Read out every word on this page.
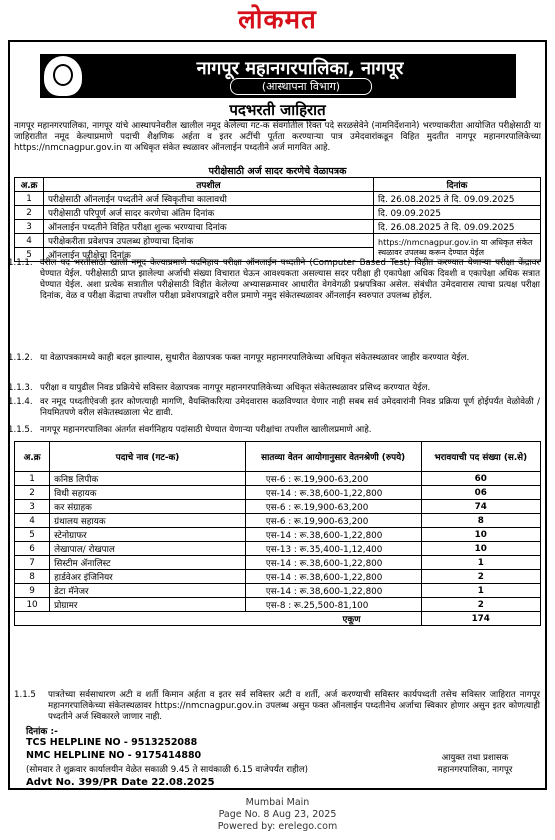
लोकमत
नागपूर महानगरपालिका, नागपूर
(आस्थापना विभाग)
पदभरती जाहिरात
नागपूर महानगरपालिका, नागपूर यांचे आस्थापनेवरील खालील नमूद केलेल्या गट-क संवर्गातील रिक्त पदे सरळसेवेने (नामनिर्देशनाने) भरण्याकरीता आयोजित परीक्षेसाठी या जाहिरातीत नमूद केल्याप्रमाणे पदाची शैक्षणिक अर्हता व इतर अटींची पूर्तता करण्याऱ्या पात्र उमेदवारांकडून विहित मुदतीत नागपूर महानगरपालिकेच्या https://nmcnagpur.gov.in या अधिकृत संकेत स्थळावर ऑनलाईन पध्दतीने अर्ज मागवित आहे.
परीक्षेसाठी अर्ज सादर करणेचे वेळापत्रक
अ.क्र	तपशील	दिनांक
1	परीक्षेसाठी ऑनलाईन पध्दतीने अर्ज स्विकृतीचा कालावधी	दि. 26.08.2025 ते दि. 09.09.2025
2	परीक्षेसाठी परिपूर्ण अर्ज सादर करणेचा अंतिम दिनांक	दि. 09.09.2025
3	ऑनलाईन पध्दतीने विहित परीक्षा शुल्क भरण्याचा दिनांक	दि. 26.08.2025 ते दि. 09.09.2025
4	परीक्षेकरीता प्रवेशपत्र उपलब्ध होण्याचा दिनांक	https://nmcnagpur.gov.in या अधिकृत संकेत स्थळावर उपलब्ध करून देण्यात येईल
5	ऑनलाईन परीक्षेचा दिनांक	
1.1.1. वरील पद भरतीसाठी खाली नमूद केल्याप्रमाणे पदनिहाय परीक्षा ऑनलाईन पध्दतीने (Computer Based Test) विहीत करण्यात येणाऱ्या परीक्षा केंद्रावर घेण्यात येईल. परीक्षेसाठी प्राप्त झालेल्या अर्जाची संख्या विचारात घेऊन आवश्यकता असल्यास सदर परीक्षा ही एकापेक्षा अधिक दिवशी व एकापेक्षा अधिक सत्रात घेण्यात येईल. अशा प्रत्येक सत्रातील परीक्षेसाठी विहीत केलेल्या अभ्यासक्रमावर आधारीत वेगवेगळी प्रश्नपत्रिका असेल. संबंधीत उमेदवारास त्याचा प्रत्यक्ष परीक्षा दिनांक, वेळ व परीक्षा केंद्राचा तपशील परीक्षा प्रवेशपत्राद्वारे वरील प्रमाणे नमुद संकेतस्थळावर ऑनलाईन स्वरुपात उपलब्ध होईल.
1.1.2. या वेळापत्रकामध्ये काही बदल झाल्यास, सुधारीत वेळापत्रक फक्त नागपूर महानगरपालिकेच्या अधिकृत संकेतस्थळावर जाहीर करण्यात येईल.
1.1.3. परीक्षा व यापुढील निवड प्रक्रियेचे सविस्तर वेळापत्रक नागपूर महानगरपालिकेच्या अधिकृत संकेतस्थळावर प्रसिध्द करण्यात येईल.
1.1.4. वर नमूद पध्दतीऐवजी इतर कोणत्याही मागणि, वैयक्तिकरित्या उमेदवारास कळविण्यात येणार नाही सबब सर्व उमेदवारांनी निवड प्रक्रिया पूर्ण होईपर्यंत वेळोवेळी / नियमितपणे वरील संकेतस्थळाला भेट द्यावी.
1.1.5. नागपूर महानगरपालिका अंतर्गत संवर्गनिहाय पदांसाठी घेण्यात येणाऱ्या परीक्षांचा तपशील खालीलप्रमाणे आहे.
अ.क्र	पदाचे नाव (गट-क)	सातव्या वेतन आयोगानुसार वेतनश्रेणी (रुपये)	भरावयाची पद संख्या (स.से)
1	कनिष्ठ लिपीक	एस-6 : रू.19,900-63,200	60
2	विधी सहायक	एस-14 : रू.38,600-1,22,800	06
3	कर संग्राहक	एस-6 : रू.19,900-63,200	74
4	ग्रंथालय सहायक	एस-6 : रू.19,900-63,200	8
5	स्टेनोग्राफर	एस-14 : रू.38,600-1,22,800	10
6	लेखापाल/ रोखपाल	एस-13 : रू.35,400-1,12,400	10
7	सिस्टीम ॲनालिस्ट	एस-14 : रू.38,600-1,22,800	1
8	हार्डवेअर इंजिनियर	एस-14 : रू.38,600-1,22,800	2
9	डेटा मॅनेजर	एस-14 : रू.38,600-1,22,800	1
10	प्रोग्रामर	एस-8 : रू.25,500-81,100	2
एकूण			174
1.1.5 पात्रतेच्या सर्वसाधारण अटी व शर्ती किमान अर्हता व इतर सर्व सविस्तर अटी व शर्ती, अर्ज करण्याची सविस्तर कार्यपध्दती तसेच सविस्तर जाहिरात नागपूर महानगरपालिकेच्या संकेतस्थळावर https://nmcnagpur.gov.in उपलब्ध असुन फक्त ऑनलाईन पध्दतीनेच अर्जाचा स्विकार होणार असुन इतर कोणत्याही पध्दतीने अर्ज स्विकारले जाणार नाही.
दिनांक :-
TCS HELPLINE NO - 9513252088
NMC HELPLINE NO - 9175414880
(सोमवार ते शुक्रवार कार्यालयीन वेळेत सकाळी 9.45 ते सायंकाळी 6.15 वाजेपर्यंत राहील)
Advt No. 399/PR Date 22.08.2025
आयुक्त तथा प्रशासक
महानगरपालिका, नागपूर
Mumbai Main
Page No. 8 Aug 23, 2025
Powered by: erelego.com
